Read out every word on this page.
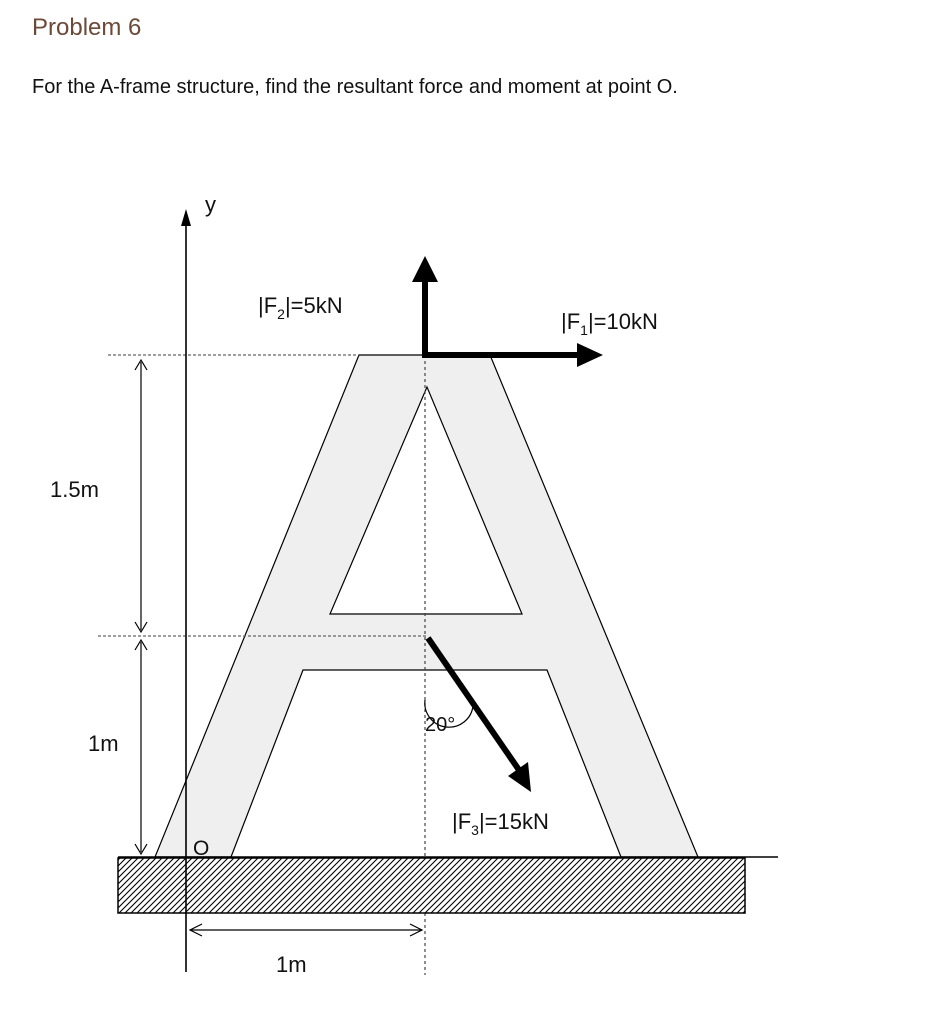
Problem 6

For the A-frame structure, find the resultant force and moment at point O.

y
O
1.5m
1m
1m
$|F_2|=5kN$
$|F_1|=10kN$
20°
$|F_3|=15kN$
